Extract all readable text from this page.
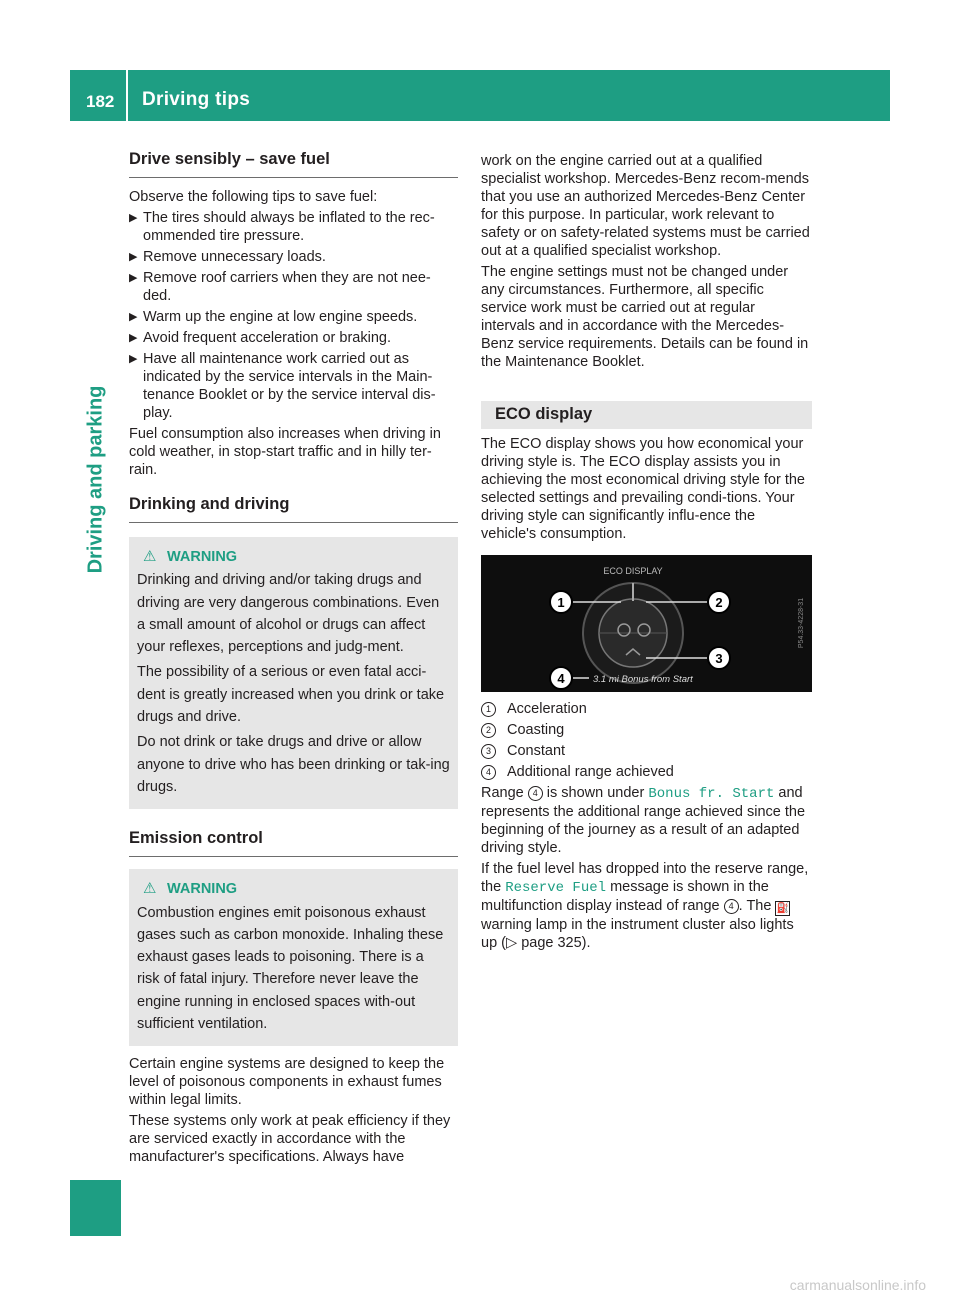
182 Driving tips
Driving and parking
Drive sensibly – save fuel

Observe the following tips to save fuel:

▶ The tires should always be inflated to the rec-ommended tire pressure.
▶ Remove unnecessary loads.
▶ Remove roof carriers when they are not nee-ded.
▶ Warm up the engine at low engine speeds.
▶ Avoid frequent acceleration or braking.
▶ Have all maintenance work carried out as indicated by the service intervals in the Main-tenance Booklet or by the service interval dis-play.

Fuel consumption also increases when driving in cold weather, in stop-start traffic and in hilly ter-rain.

Drinking and driving
⚠ WARNING

Drinking and driving and/or taking drugs and driving are very dangerous combinations. Even a small amount of alcohol or drugs can affect your reflexes, perceptions and judg-ment.

The possibility of a serious or even fatal acci-dent is greatly increased when you drink or take drugs and drive.

Do not drink or take drugs and drive or allow anyone to drive who has been drinking or tak-ing drugs.

Emission control
⚠ WARNING

Combustion engines emit poisonous exhaust gases such as carbon monoxide. Inhaling these exhaust gases leads to poisoning. There is a risk of fatal injury. Therefore never leave the engine running in enclosed spaces with-out sufficient ventilation.

Certain engine systems are designed to keep the level of poisonous components in exhaust fumes within legal limits.

These systems only work at peak efficiency if they are serviced exactly in accordance with the manufacturer's specifications. Always have

work on the engine carried out at a qualified specialist workshop. Mercedes-Benz recom-mends that you use an authorized Mercedes-Benz Center for this purpose. In particular, work relevant to safety or on safety-related systems must be carried out at a qualified specialist workshop.

The engine settings must not be changed under any circumstances. Furthermore, all specific service work must be carried out at regular intervals and in accordance with the Mercedes-Benz service requirements. Details can be found in the Maintenance Booklet.

ECO display

The ECO display shows you how economical your driving style is. The ECO display assists you in achieving the most economical driving style for the selected settings and prevailing condi-tions. Your driving style can significantly influ-ence the vehicle's consumption.

ECO DISPLAY
1	2
3
4	3.1 mi Bonus from Start
P54.33-4228-31
1	Acceleration
2	Coasting
3	Constant
4	Additional range achieved

Range 4 is shown under Bonus fr. Start and represents the additional range achieved since the beginning of the journey as a result of an adapted driving style.

If the fuel level has dropped into the reserve range, the Reserve Fuel message is shown in the multifunction display instead of range 4 . The ⛽ warning lamp in the instrument cluster also lights up (▷ page 325).

carmanualsonline.info
